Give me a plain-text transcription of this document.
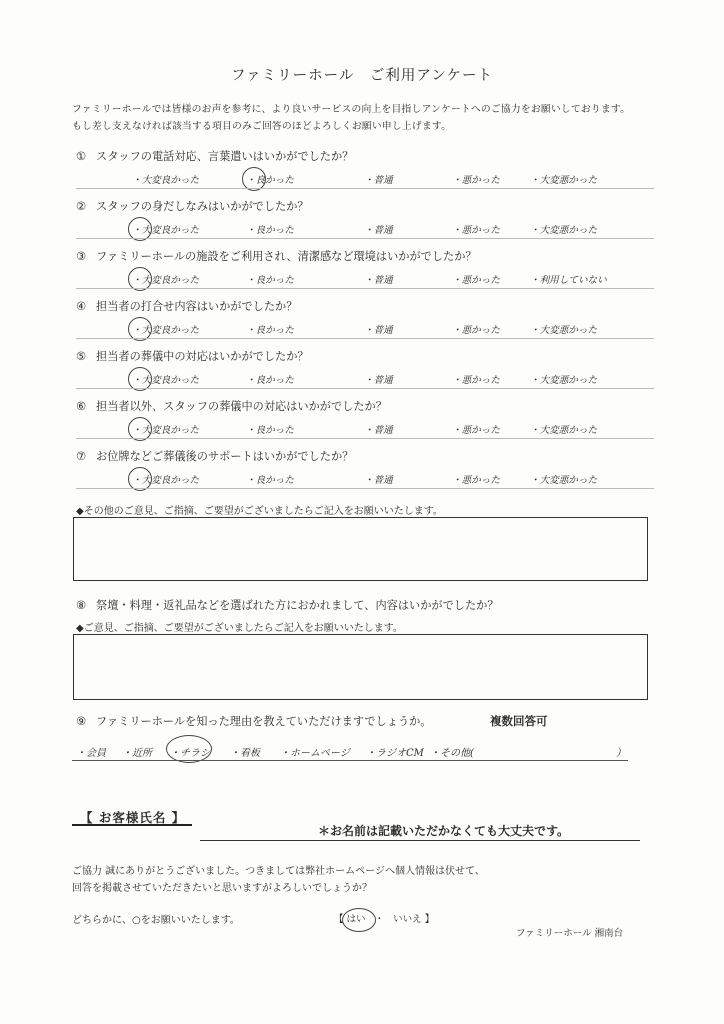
ファミリーホール　ご利用アンケート
ファミリーホールでは皆様のお声を参考に、より良いサービスの向上を目指しアンケートへのご協力をお願いしております。
もし差し支えなければ該当する項目のみご回答のほどよろしくお願い申し上げます。
① スタッフの電話対応、言葉遣いはいかがでしたか？
・大変良かった	・良かった	・普通	・悪かった	・大変悪かった
② スタッフの身だしなみはいかがでしたか？
・大変良かった	・良かった	・普通	・悪かった	・大変悪かった
③ ファミリーホールの施設をご利用され、清潔感など環境はいかがでしたか？
・大変良かった	・良かった	・普通	・悪かった	・利用していない
④ 担当者の打合せ内容はいかがでしたか？
・大変良かった	・良かった	・普通	・悪かった	・大変悪かった
⑤ 担当者の葬儀中の対応はいかがでしたか？
・大変良かった	・良かった	・普通	・悪かった	・大変悪かった
⑥ 担当者以外、スタッフの葬儀中の対応はいかがでしたか？
・大変良かった	・良かった	・普通	・悪かった	・大変悪かった
⑦ お位牌などご葬儀後のサポートはいかがでしたか？
・大変良かった	・良かった	・普通	・悪かった	・大変悪かった
◆その他のご意見、ご指摘、ご要望がございましたらご記入をお願いいたします。
⑧ 祭壇・料理・返礼品などを選ばれた方におかれまして、内容はいかがでしたか？
◆ご意見、ご指摘、ご要望がございましたらご記入をお願いいたします。
⑨ ファミリーホールを知った理由を教えていただけますでしょうか。	複数回答可
・会員 ・近所 ・チラシ ・看板 ・ホームページ ・ラジオCM ・その他(	）
【 お客様氏名 】
＊お名前は記載いただかなくても大丈夫です。
ご協力 誠にありがとうございました。つきましては弊社ホームページへ個人情報は伏せて、
回答を掲載させていただきたいと思いますがよろしいでしょうか？
どちらかに、○をお願いいたします。	【 はい ・ いいえ 】
ファミリーホール 湘南台
